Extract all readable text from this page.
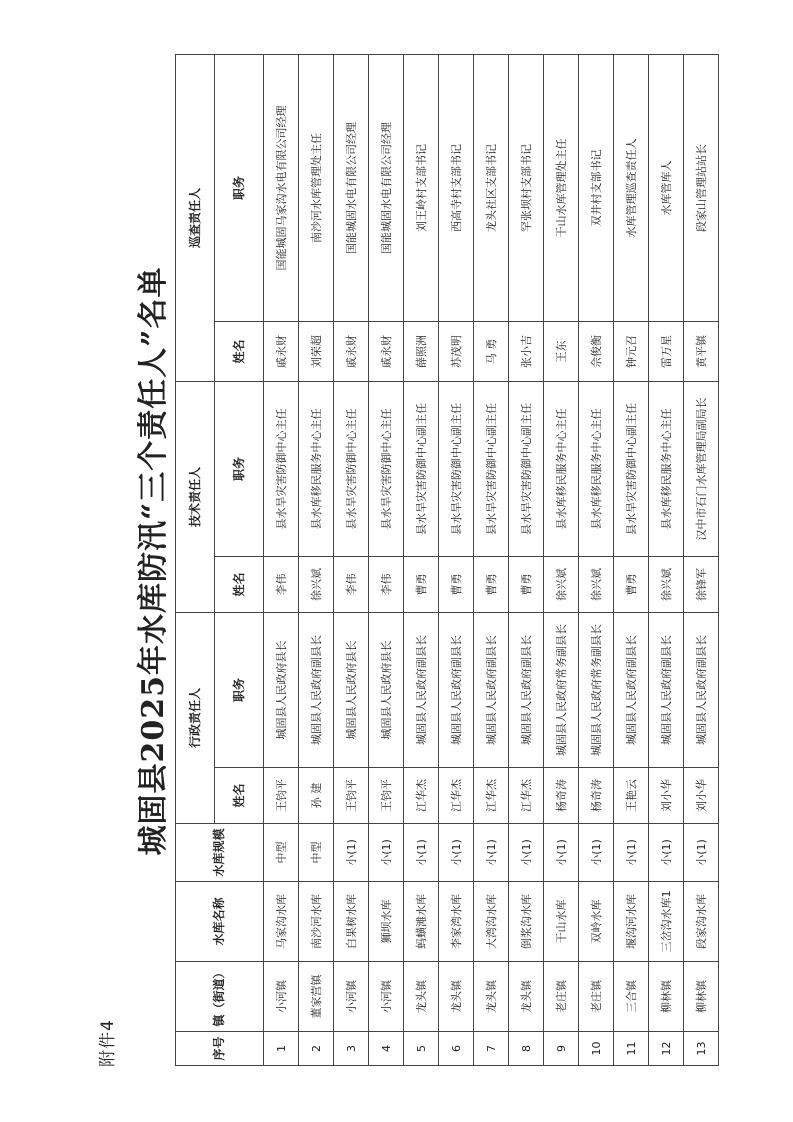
附件4
城固县2025年水库防汛“三个责任人”名单
序号	镇（街道）	水库名称	水库规模	行政责任人		技术责任人		巡查责任人	
				姓名	职务	姓名	职务	姓名	职务
1	小河镇	马家沟水库	中型	王钧平	城固县人民政府县长	李伟	县水旱灾害防御中心主任	戚永财	国能城固马家沟水电有限公司经理
2	董家营镇	南沙河水库	中型	孙 建	城固县人民政府副县长	徐兴斌	县水库移民服务中心主任	刘荣超	南沙河水库管理处主任
3	小河镇	白果树水库	小(1)	王钧平	城固县人民政府县长	李伟	县水旱灾害防御中心主任	戚永财	国能城固水电有限公司经理
4	小河镇	狮坝水库	小(1)	王钧平	城固县人民政府县长	李伟	县水旱灾害防御中心主任	戚永财	国能城固水电有限公司经理
5	龙头镇	蚂蟥滩水库	小(1)	江华杰	城固县人民政府副县长	曹勇	县水旱灾害防御中心副主任	薛照洲	刘王岭村支部书记
6	龙头镇	李家湾水库	小(1)	江华杰	城固县人民政府副县长	曹勇	县水旱灾害防御中心副主任	苏茂明	西高寺村支部书记
7	龙头镇	大湾沟水库	小(1)	江华杰	城固县人民政府副县长	曹勇	县水旱灾害防御中心副主任	马 勇	龙头社区支部书记
8	龙头镇	倒浆沟水库	小(1)	江华杰	城固县人民政府副县长	曹勇	县水旱灾害防御中心副主任	张小吉	罕张坝村支部书记
9	老庄镇	干山水库	小(1)	杨奇涛	城固县人民政府常务副县长	徐兴斌	县水库移民服务中心主任	王东	干山水库管理处主任
10	老庄镇	双岭水库	小(1)	杨奇涛	城固县人民政府常务副县长	徐兴斌	县水库移民服务中心主任	佘俊衡	双井村支部书记
11	三合镇	堰沟河水库	小(1)	王艳云	城固县人民政府副县长	曹勇	县水旱灾害防御中心副主任	钟元召	水库管理巡查责任人
12	柳林镇	三岔沟水库1	小(1)	刘小华	城固县人民政府副县长	徐兴斌	县水库移民服务中心主任	雷万星	水库管库人
13	柳林镇	段家沟水库	小(1)	刘小华	城固县人民政府副县长	徐锋军	汉中市石门水库管理局副局长	黄平镇	段家山管理站站长
